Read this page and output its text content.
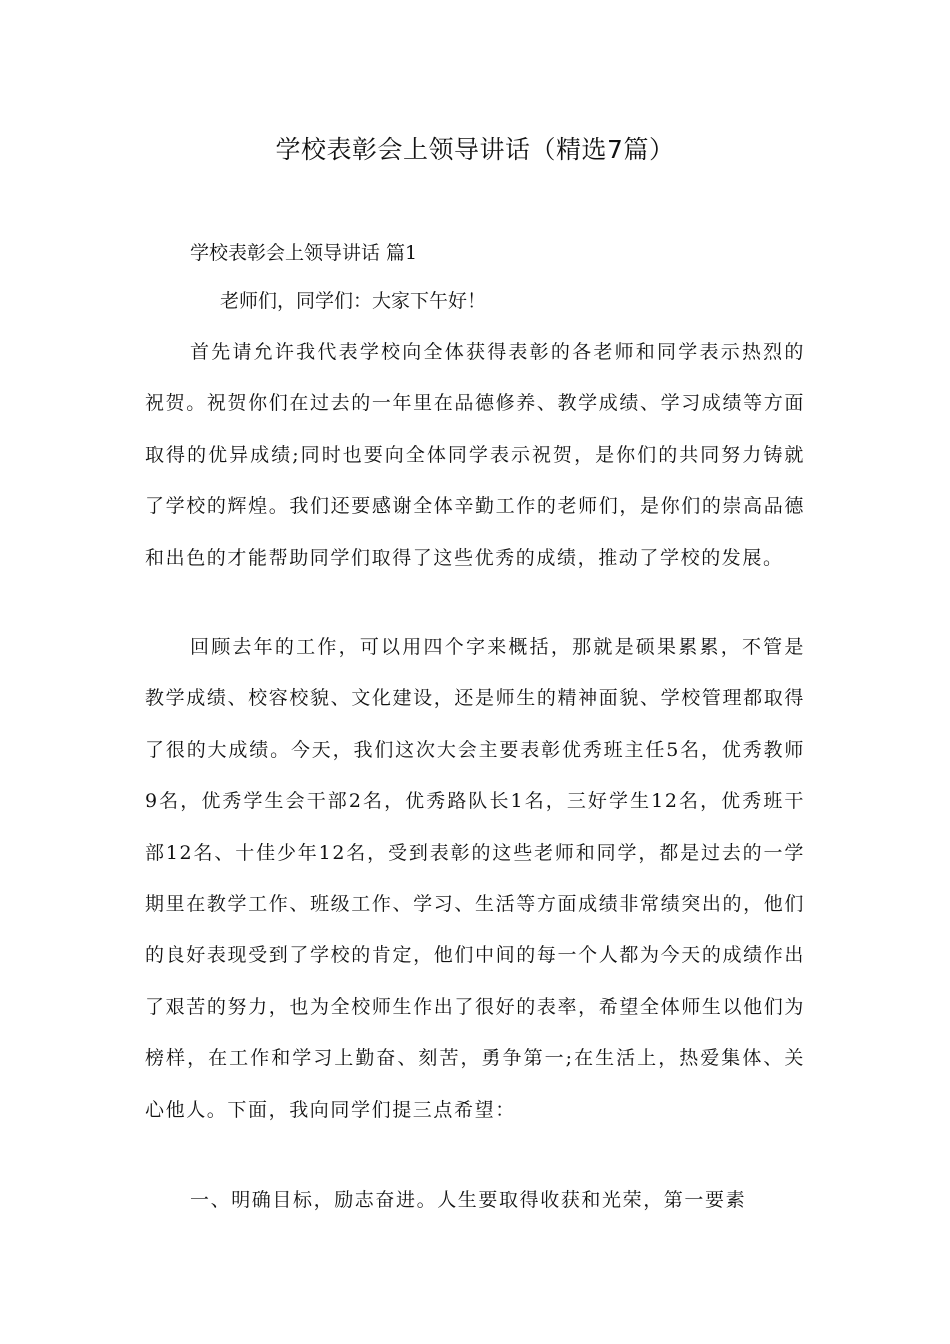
学校表彰会上领导讲话（精选7篇）
学校表彰会上领导讲话 篇1

老师们，同学们：大家下午好！

首先请允许我代表学校向全体获得表彰的各老师和同学表示热烈的祝贺。祝贺你们在过去的一年里在品德修养、教学成绩、学习成绩等方面取得的优异成绩;同时也要向全体同学表示祝贺，是你们的共同努力铸就了学校的辉煌。我们还要感谢全体辛勤工作的老师们，是你们的崇高品德和出色的才能帮助同学们取得了这些优秀的成绩，推动了学校的发展。

回顾去年的工作，可以用四个字来概括，那就是硕果累累，不管是教学成绩、校容校貌、文化建设，还是师生的精神面貌、学校管理都取得了很的大成绩。今天，我们这次大会主要表彰优秀班主任5名，优秀教师9名，优秀学生会干部2名，优秀路队长1名，三好学生12名，优秀班干部12名、十佳少年12名，受到表彰的这些老师和同学，都是过去的一学期里在教学工作、班级工作、学习、生活等方面成绩非常绩突出的，他们的良好表现受到了学校的肯定，他们中间的每一个人都为今天的成绩作出了艰苦的努力，也为全校师生作出了很好的表率，希望全体师生以他们为榜样，在工作和学习上勤奋、刻苦，勇争第一;在生活上，热爱集体、关心他人。下面，我向同学们提三点希望：

一、明确目标，励志奋进。人生要取得收获和光荣，第一要素
